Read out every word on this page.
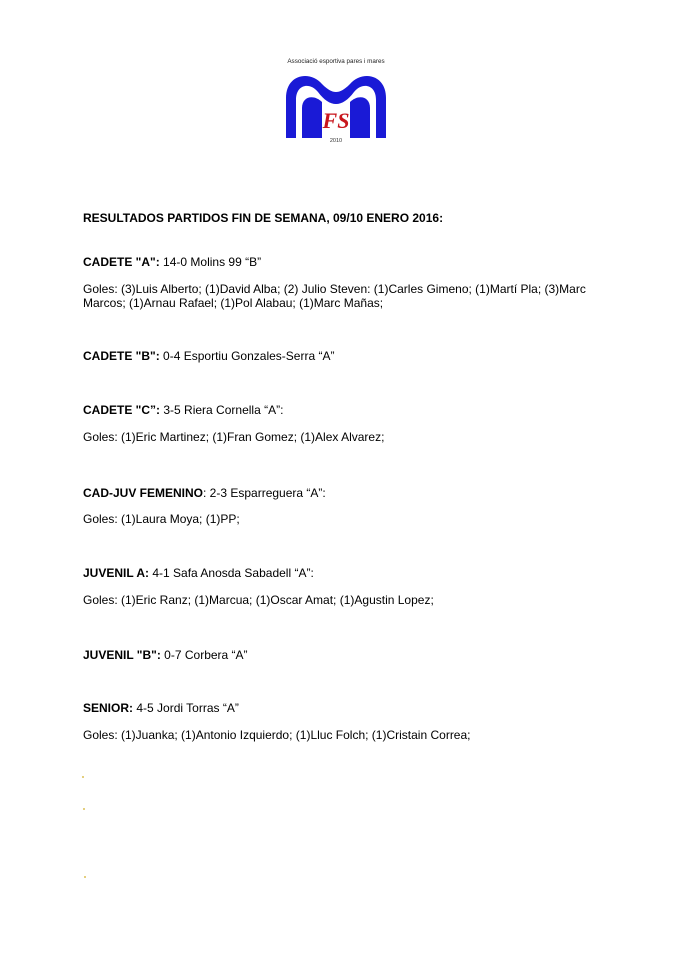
Associació esportiva pares i mares
FS
2010
RESULTADOS PARTIDOS FIN DE SEMANA, 09/10 ENERO 2016:
CADETE "A": 14-0 Molins 99 “B”
Goles: (3)Luis Alberto; (1)David Alba; (2) Julio Steven: (1)Carles Gimeno; (1)Martí Pla; (3)Marc Marcos; (1)Arnau Rafael; (1)Pol Alabau; (1)Marc Mañas;
CADETE "B": 0-4 Esportiu Gonzales-Serra “A”
CADETE "C”: 3-5 Riera Cornella “A”:
Goles: (1)Eric Martinez; (1)Fran Gomez; (1)Alex Alvarez;
CAD-JUV FEMENINO: 2-3 Esparreguera “A”:
Goles: (1)Laura Moya; (1)PP;
JUVENIL A: 4-1 Safa Anosda Sabadell “A”:
Goles: (1)Eric Ranz; (1)Marcua; (1)Oscar Amat; (1)Agustin Lopez;
JUVENIL "B": 0-7 Corbera “A”
SENIOR: 4-5 Jordi Torras “A”
Goles: (1)Juanka; (1)Antonio Izquierdo; (1)Lluc Folch; (1)Cristain Correa;
